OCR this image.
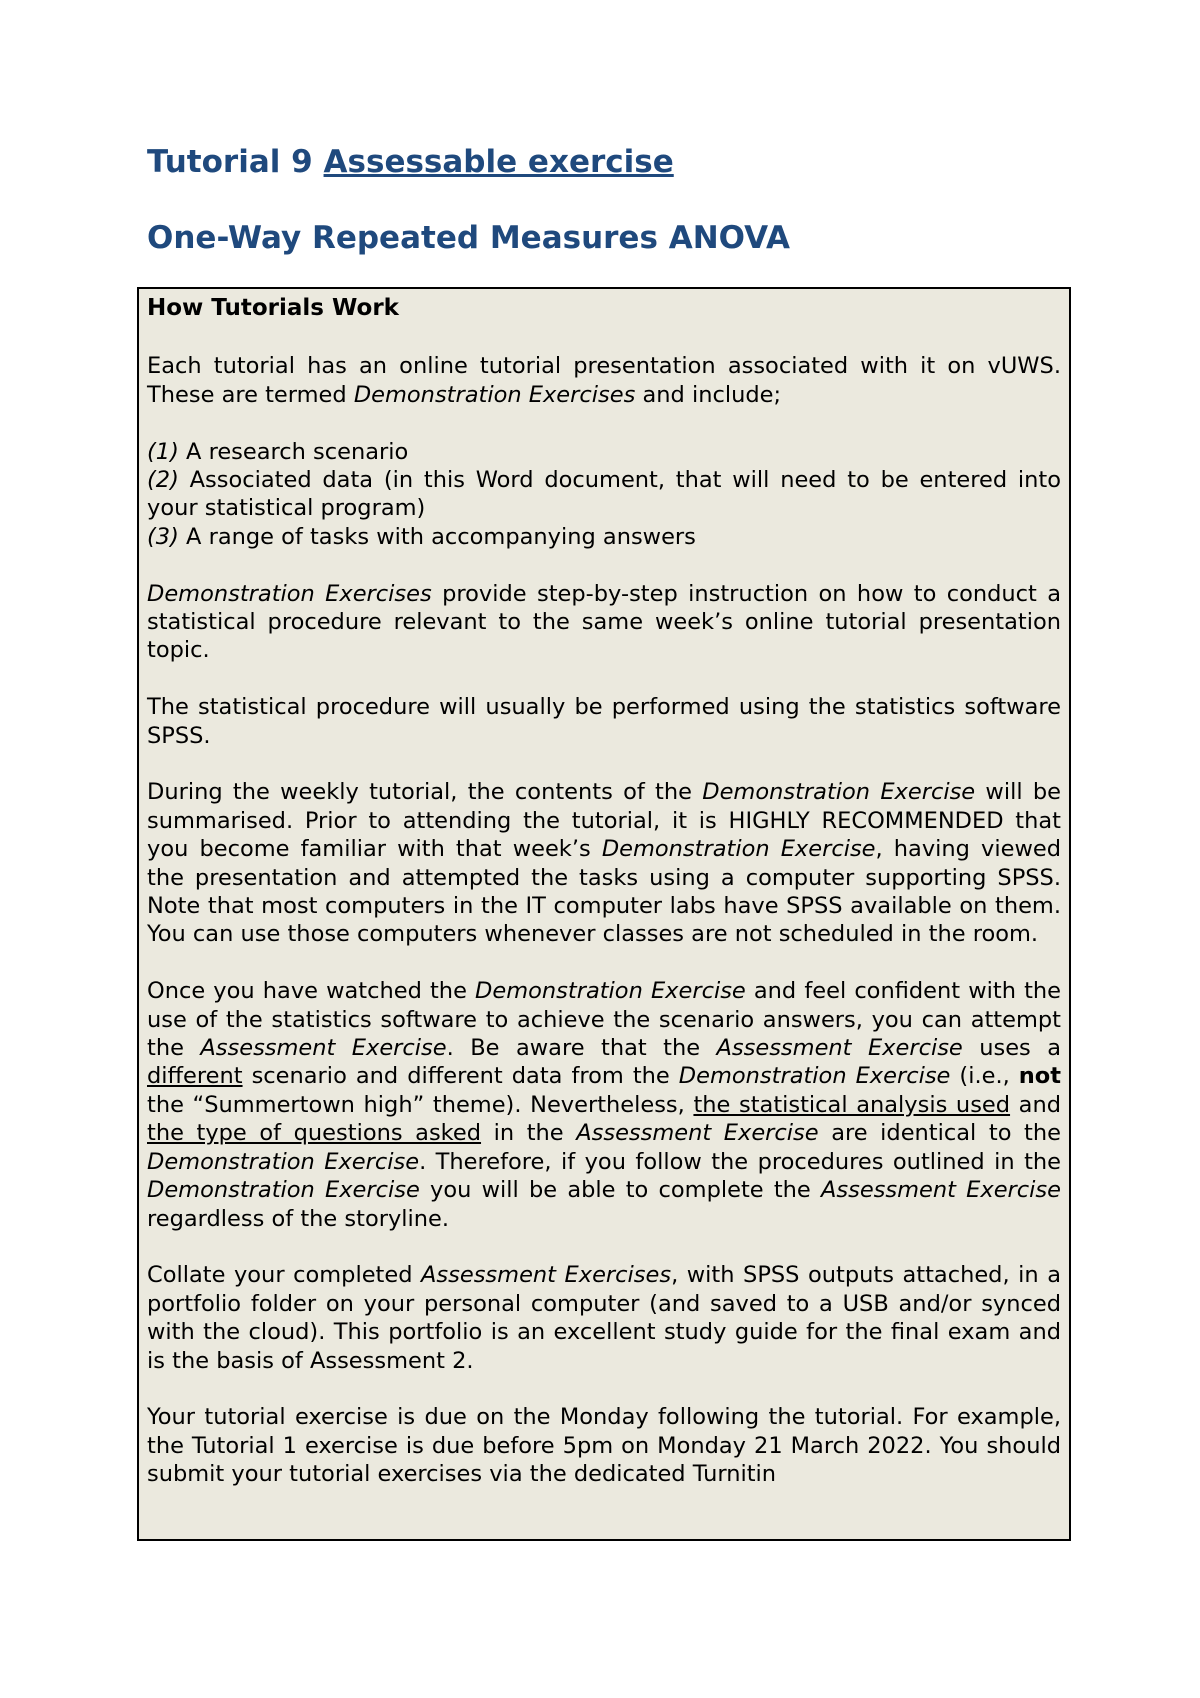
Tutorial 9 Assessable exercise
One-Way Repeated Measures ANOVA
How Tutorials Work

Each tutorial has an online tutorial presentation associated with it on vUWS. These are termed Demonstration Exercises and include;

(1) A research scenario

(2) Associated data (in this Word document, that will need to be entered into your statistical program)

(3) A range of tasks with accompanying answers

Demonstration Exercises provide step-by-step instruction on how to conduct a statistical procedure relevant to the same week’s online tutorial presentation topic.

The statistical procedure will usually be performed using the statistics software SPSS.

During the weekly tutorial, the contents of the Demonstration Exercise will be summarised. Prior to attending the tutorial, it is HIGHLY RECOMMENDED that you become familiar with that week’s Demonstration Exercise, having viewed the presentation and attempted the tasks using a computer supporting SPSS. Note that most computers in the IT computer labs have SPSS available on them. You can use those computers whenever classes are not scheduled in the room.

Once you have watched the Demonstration Exercise and feel confident with the use of the statistics software to achieve the scenario answers, you can attempt the Assessment Exercise. Be aware that the Assessment Exercise uses a different scenario and different data from the Demonstration Exercise (i.e., not the “Summertown high” theme). Nevertheless, the statistical analysis used and the type of questions asked in the Assessment Exercise are identical to the Demonstration Exercise. Therefore, if you follow the procedures outlined in the Demonstration Exercise you will be able to complete the Assessment Exercise regardless of the storyline.

Collate your completed Assessment Exercises, with SPSS outputs attached, in a portfolio folder on your personal computer (and saved to a USB and/or synced with the cloud). This portfolio is an excellent study guide for the final exam and is the basis of Assessment 2.

Your tutorial exercise is due on the Monday following the tutorial. For example, the Tutorial 1 exercise is due before 5pm on Monday 21 March 2022. You should submit your tutorial exercises via the dedicated Turnitin
